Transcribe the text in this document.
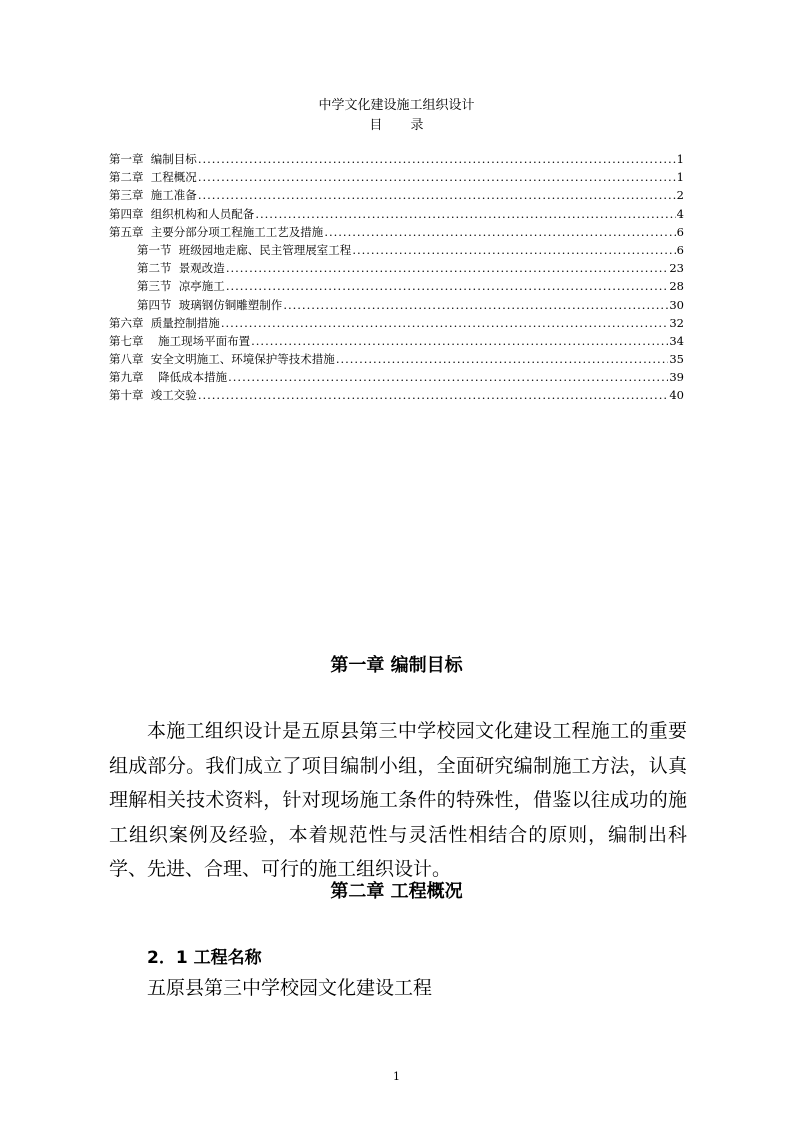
中学文化建设施工组织设计
目 录
第一章  编制目标 .....	1
第二章  工程概况 .....	1
第三章  施工准备 .....	2
第四章  组织机构和人员配备 .....	4
第五章  主要分部分项工程施工工艺及措施 .....	6
第一节  班级园地走廊、民主管理展室工程 .....	6
第二节  景观改造 .....	23
第三节  凉亭施工 .....	28
第四节  玻璃钢仿铜雕塑制作 .....	30
第六章  质量控制措施 .....	32
第七章    施工现场平面布置 .....	34
第八章  安全文明施工、环境保护等技术措施 .....	35
第九章    降低成本措施 .....	39
第十章  竣工交验 .....	40
第一章 编制目标

本施工组织设计是五原县第三中学校园文化建设工程施工的重要组成部分。我们成立了项目编制小组，全面研究编制施工方法，认真理解相关技术资料，针对现场施工条件的特殊性，借鉴以往成功的施工组织案例及经验，本着规范性与灵活性相结合的原则，编制出科学、先进、合理、可行的施工组织设计。

第二章 工程概况
2．1 工程名称
五原县第三中学校园文化建设工程
1
